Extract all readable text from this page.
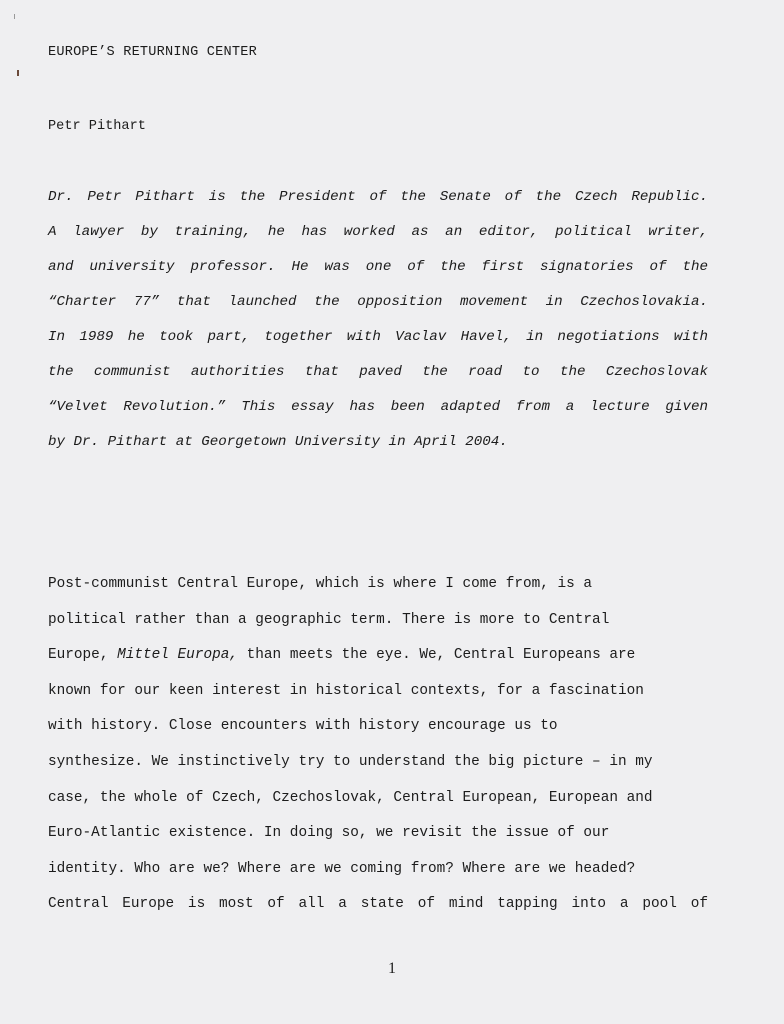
EUROPE’S RETURNING CENTER
Petr Pithart
Dr. Petr Pithart is the President of the Senate of the Czech Republic.
A lawyer by training, he has worked as an editor, political writer,
and university professor. He was one of the first signatories of the
“Charter 77” that launched the opposition movement in Czechoslovakia.
In 1989 he took part, together with Vaclav Havel, in negotiations with
the communist authorities that paved the road to the Czechoslovak
“Velvet Revolution.” This essay has been adapted from a lecture given
by Dr. Pithart at Georgetown University in April 2004.
Post-communist Central Europe, which is where I come from, is a
political rather than a geographic term. There is more to Central
Europe, Mittel Europa, than meets the eye. We, Central Europeans are
known for our keen interest in historical contexts, for a fascination
with history. Close encounters with history encourage us to
synthesize. We instinctively try to understand the big picture – in my
case, the whole of Czech, Czechoslovak, Central European, European and
Euro-Atlantic existence. In doing so, we revisit the issue of our
identity. Who are we? Where are we coming from? Where are we headed?
Central Europe is most of all a state of mind tapping into a pool of
1
